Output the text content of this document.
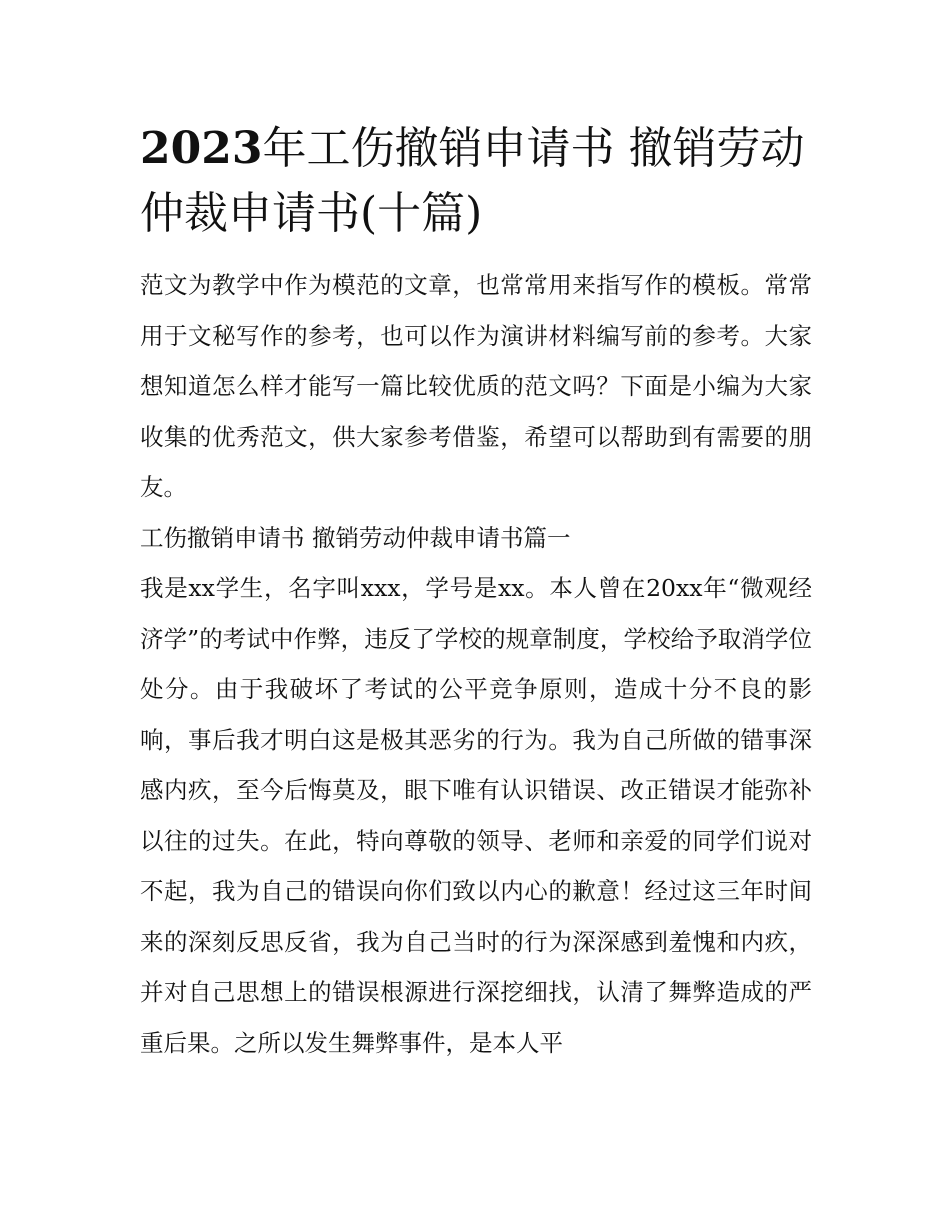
2023年工伤撤销申请书 撤销劳动仲裁申请书(十篇)

范文为教学中作为模范的文章，也常常用来指写作的模板。常常用于文秘写作的参考，也可以作为演讲材料编写前的参考。大家想知道怎么样才能写一篇比较优质的范文吗？下面是小编为大家收集的优秀范文，供大家参考借鉴，希望可以帮助到有需要的朋友。

工伤撤销申请书 撤销劳动仲裁申请书篇一

我是xx学生，名字叫xxx，学号是xx。本人曾在20xx年“微观经济学”的考试中作弊，违反了学校的规章制度，学校给予取消学位处分。由于我破坏了考试的公平竞争原则，造成十分不良的影响，事后我才明白这是极其恶劣的行为。我为自己所做的错事深感内疚，至今后悔莫及，眼下唯有认识错误、改正错误才能弥补以往的过失。在此，特向尊敬的领导、老师和亲爱的同学们说对不起，我为自己的错误向你们致以内心的歉意！经过这三年时间来的深刻反思反省，我为自己当时的行为深深感到羞愧和内疚，并对自己思想上的错误根源进行深挖细找，认清了舞弊造成的严重后果。之所以发生舞弊事件，是本人平
